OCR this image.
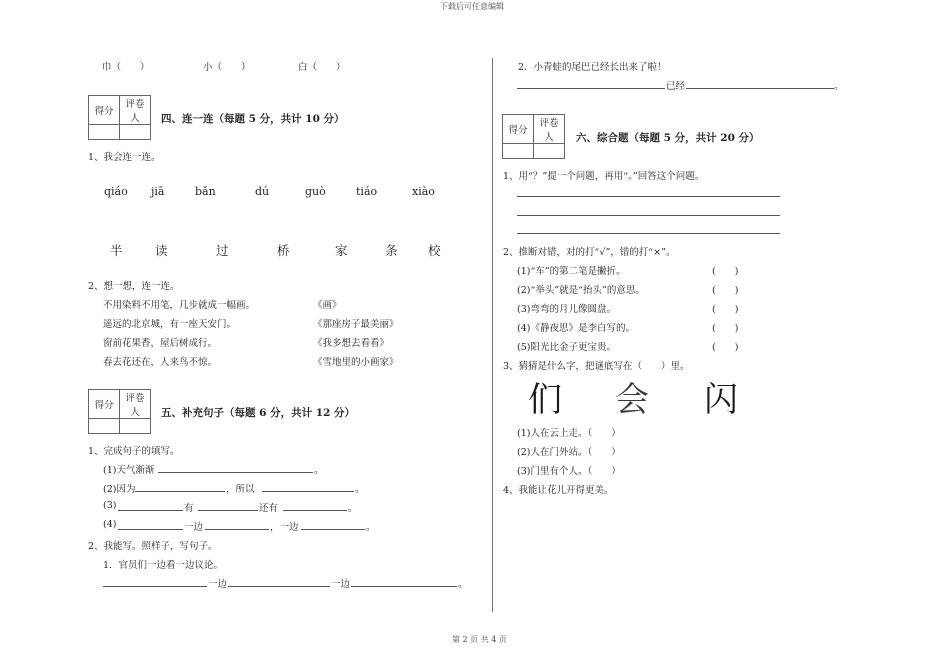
下载后可任意编辑
第 2 页 共 4 页
巾（　　）	小（　　）	白（　　）
得分	评卷人
	四、连一连（每题 5 分，共计 10 分）
1、我会连一连。
qiáo jiā	bǎn	dú	guò	tiáo	xiào
半	读	过	桥	家	条 校
2、想一想，连一连。
不用染料不用笔，几步就成一幅画。	《画》
遥远的北京城，有一座天安门。	《那座房子最美丽》
窗前花果香，屋后树成行。	《我多想去看看》
春去花还在，人来鸟不惊。	《雪地里的小画家》
得分	评卷人
	五、补充句子（每题 6 分，共计 12 分）
1、完成句子的填写。
(1)天气渐渐	。
(2)因为	，所以	。
(3)	有	还有	。
(4)	一边	，一边	。
2、我能写。照样子，写句子。
1．官员们一边看一边议论。
一边	一边	。
2．小青蛙的尾巴已经长出来了啦！
已经	。
得分	评卷人
	六、综合题（每题 5 分，共计 20 分）
1、用“？”提一个问题，再用“。”回答这个问题。
2、推断对错，对的打“√”，错的打“×”。
(1)“车”的第二笔是撇折。	(　　)
(2)“举头”就是“抬头”的意思。	(　　)
(3)弯弯的月儿像圆盘。	(　　)
(4)《静夜思》是李白写的。	(　　)
(5)阳光比金子更宝贵。	(　　)
3、猜猜是什么字，把谜底写在（　　）里。
们 会 闪
(1)人在云上走。（　　）
(2)人在门外站。（　　）
(3)门里有个人。（　　）
4、我能让花儿开得更美。
